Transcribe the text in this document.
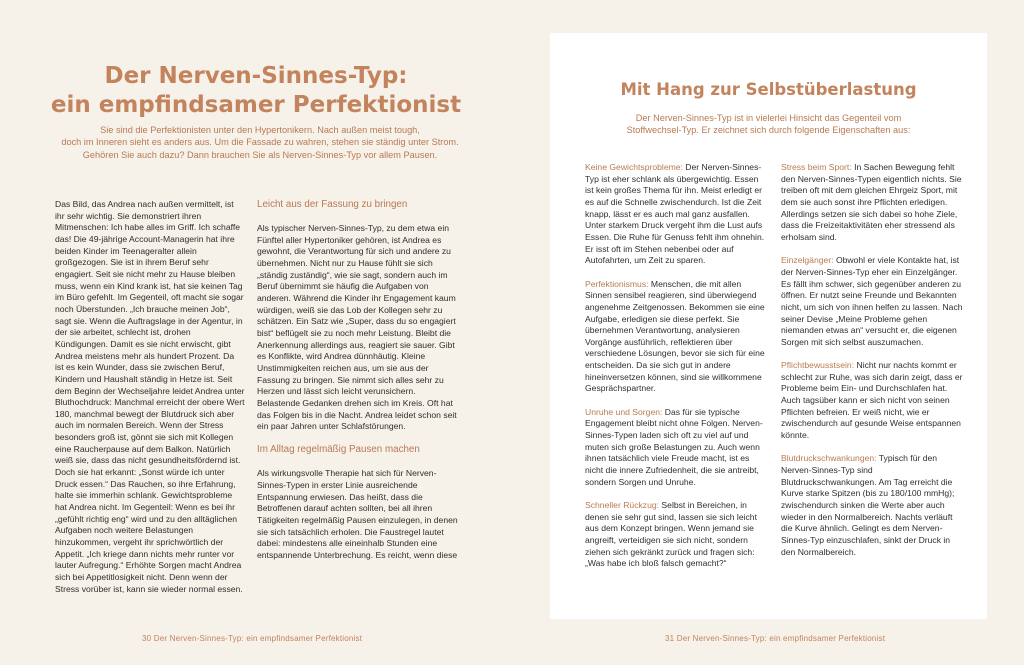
Der Nerven-Sinnes-Typ:
ein empfindsamer Perfektionist
Sie sind die Perfektionisten unter den Hypertonikern. Nach außen meist tough,
doch im Inneren sieht es anders aus. Um die Fassade zu wahren, stehen sie ständig unter Strom.
Gehören Sie auch dazu? Dann brauchen Sie als Nerven-Sinnes-Typ vor allem Pausen.

Das Bild, das Andrea nach außen vermittelt, ist ihr sehr wichtig. Sie demonstriert ihren Mitmenschen: Ich habe alles im Griff. Ich schaffe das! Die 49-jährige Account-Managerin hat ihre beiden Kinder im Teenageralter allein großgezogen. Sie ist in ihrem Beruf sehr engagiert. Seit sie nicht mehr zu Hause bleiben muss, wenn ein Kind krank ist, hat sie keinen Tag im Büro gefehlt. Im Gegenteil, oft macht sie sogar noch Überstunden. „Ich brauche meinen Job“, sagt sie. Wenn die Auftragslage in der Agentur, in der sie arbeitet, schlecht ist, drohen Kündigungen. Damit es sie nicht erwischt, gibt Andrea meistens mehr als hundert Prozent. Da ist es kein Wunder, dass sie zwischen Beruf, Kindern und Haushalt ständig in Hetze ist. Seit dem Beginn der Wechseljahre leidet Andrea unter Bluthochdruck: Manchmal erreicht der obere Wert 180, manchmal bewegt der Blutdruck sich aber auch im normalen Bereich. Wenn der Stress besonders groß ist, gönnt sie sich mit Kollegen eine Raucherpause auf dem Balkon. Natürlich weiß sie, dass das nicht gesundheitsfördernd ist. Doch sie hat erkannt: „Sonst würde ich unter Druck essen.“ Das Rauchen, so ihre Erfahrung, halte sie immerhin schlank. Gewichtsprobleme hat Andrea nicht. Im Gegenteil: Wenn es bei ihr „gefühlt richtig eng“ wird und zu den alltäglichen Aufgaben noch weitere Belastungen hinzukommen, vergeht ihr sprichwörtlich der Appetit. „Ich kriege dann nichts mehr runter vor lauter Aufregung.“ Erhöhte Sorgen macht Andrea sich bei Appetitlosigkeit nicht. Denn wenn der Stress vorüber ist, kann sie wieder normal essen.

Leicht aus der Fassung zu bringen

Als typischer Nerven-Sinnes-Typ, zu dem etwa ein Fünftel aller Hypertoniker gehören, ist Andrea es gewohnt, die Verantwortung für sich und andere zu übernehmen. Nicht nur zu Hause fühlt sie sich „ständig zuständig“, wie sie sagt, sondern auch im Beruf übernimmt sie häufig die Aufgaben von anderen. Während die Kinder ihr Engagement kaum würdigen, weiß sie das Lob der Kollegen sehr zu schätzen. Ein Satz wie „Super, dass du so engagiert bist“ beflügelt sie zu noch mehr Leistung. Bleibt die Anerkennung allerdings aus, reagiert sie sauer. Gibt es Konflikte, wird Andrea dünnhäutig. Kleine Unstimmigkeiten reichen aus, um sie aus der Fassung zu bringen. Sie nimmt sich alles sehr zu Herzen und lässt sich leicht verunsichern. Belastende Gedanken drehen sich im Kreis. Oft hat das Folgen bis in die Nacht. Andrea leidet schon seit ein paar Jahren unter Schlafstörungen.

Im Alltag regelmäßig Pausen machen

Als wirkungsvolle Therapie hat sich für Nerven-Sinnes-Typen in erster Linie ausreichende Entspannung erwiesen. Das heißt, dass die Betroffenen darauf achten sollten, bei all ihren Tätigkeiten regelmäßig Pausen einzulegen, in denen sie sich tatsächlich erholen. Die Faustregel lautet dabei: mindestens alle eineinhalb Stunden eine entspannende Unterbrechung. Es reicht, wenn diese

30 Der Nerven-Sinnes-Typ: ein empfindsamer Perfektionist
Mit Hang zur Selbstüberlastung
Der Nerven-Sinnes-Typ ist in vielerlei Hinsicht das Gegenteil vom
Stoffwechsel-Typ. Er zeichnet sich durch folgende Eigenschaften aus:

Keine Gewichtsprobleme: Der Nerven-Sinnes-Typ ist eher schlank als übergewichtig. Essen ist kein großes Thema für ihn. Meist erledigt er es auf die Schnelle zwischendurch. Ist die Zeit knapp, lässt er es auch mal ganz ausfallen. Unter starkem Druck vergeht ihm die Lust aufs Essen. Die Ruhe für Genuss fehlt ihm ohnehin. Er isst oft im Stehen nebenbei oder auf Autofahrten, um Zeit zu sparen.

Perfektionismus: Menschen, die mit allen Sinnen sensibel reagieren, sind überwiegend angenehme Zeitgenossen. Bekommen sie eine Aufgabe, erledigen sie diese perfekt. Sie übernehmen Verantwortung, analysieren Vorgänge ausführlich, reflektieren über verschiedene Lösungen, bevor sie sich für eine entscheiden. Da sie sich gut in andere hineinversetzen können, sind sie willkommene Gesprächspartner.

Unruhe und Sorgen: Das für sie typische Engagement bleibt nicht ohne Folgen. Nerven-Sinnes-Typen laden sich oft zu viel auf und muten sich große Belastungen zu. Auch wenn ihnen tatsächlich viele Freude macht, ist es nicht die innere Zufriedenheit, die sie antreibt, sondern Sorgen und Unruhe.

Schneller Rückzug: Selbst in Bereichen, in denen sie sehr gut sind, lassen sie sich leicht aus dem Konzept bringen. Wenn jemand sie angreift, verteidigen sie sich nicht, sondern ziehen sich gekränkt zurück und fragen sich: „Was habe ich bloß falsch gemacht?“

Stress beim Sport: In Sachen Bewegung fehlt den Nerven-Sinnes-Typen eigentlich nichts. Sie treiben oft mit dem gleichen Ehrgeiz Sport, mit dem sie auch sonst ihre Pflichten erledigen. Allerdings setzen sie sich dabei so hohe Ziele, dass die Freizeitaktivitäten eher stressend als erholsam sind.

Einzelgänger: Obwohl er viele Kontakte hat, ist der Nerven-Sinnes-Typ eher ein Einzelgänger. Es fällt ihm schwer, sich gegenüber anderen zu öffnen. Er nutzt seine Freunde und Bekannten nicht, um sich von ihnen helfen zu lassen. Nach seiner Devise „Meine Probleme gehen niemanden etwas an“ versucht er, die eigenen Sorgen mit sich selbst auszumachen.

Pflichtbewusstsein: Nicht nur nachts kommt er schlecht zur Ruhe, was sich darin zeigt, dass er Probleme beim Ein- und Durchschlafen hat. Auch tagsüber kann er sich nicht von seinen Pflichten befreien. Er weiß nicht, wie er zwischendurch auf gesunde Weise entspannen könnte.

Blutdruckschwankungen: Typisch für den Nerven-Sinnes-Typ sind Blutdruckschwankungen. Am Tag erreicht die Kurve starke Spitzen (bis zu 180/100 mmHg); zwischendurch sinken die Werte aber auch wieder in den Normalbereich. Nachts verläuft die Kurve ähnlich. Gelingt es dem Nerven-Sinnes-Typ einzuschlafen, sinkt der Druck in den Normalbereich.

31 Der Nerven-Sinnes-Typ: ein empfindsamer Perfektionist
